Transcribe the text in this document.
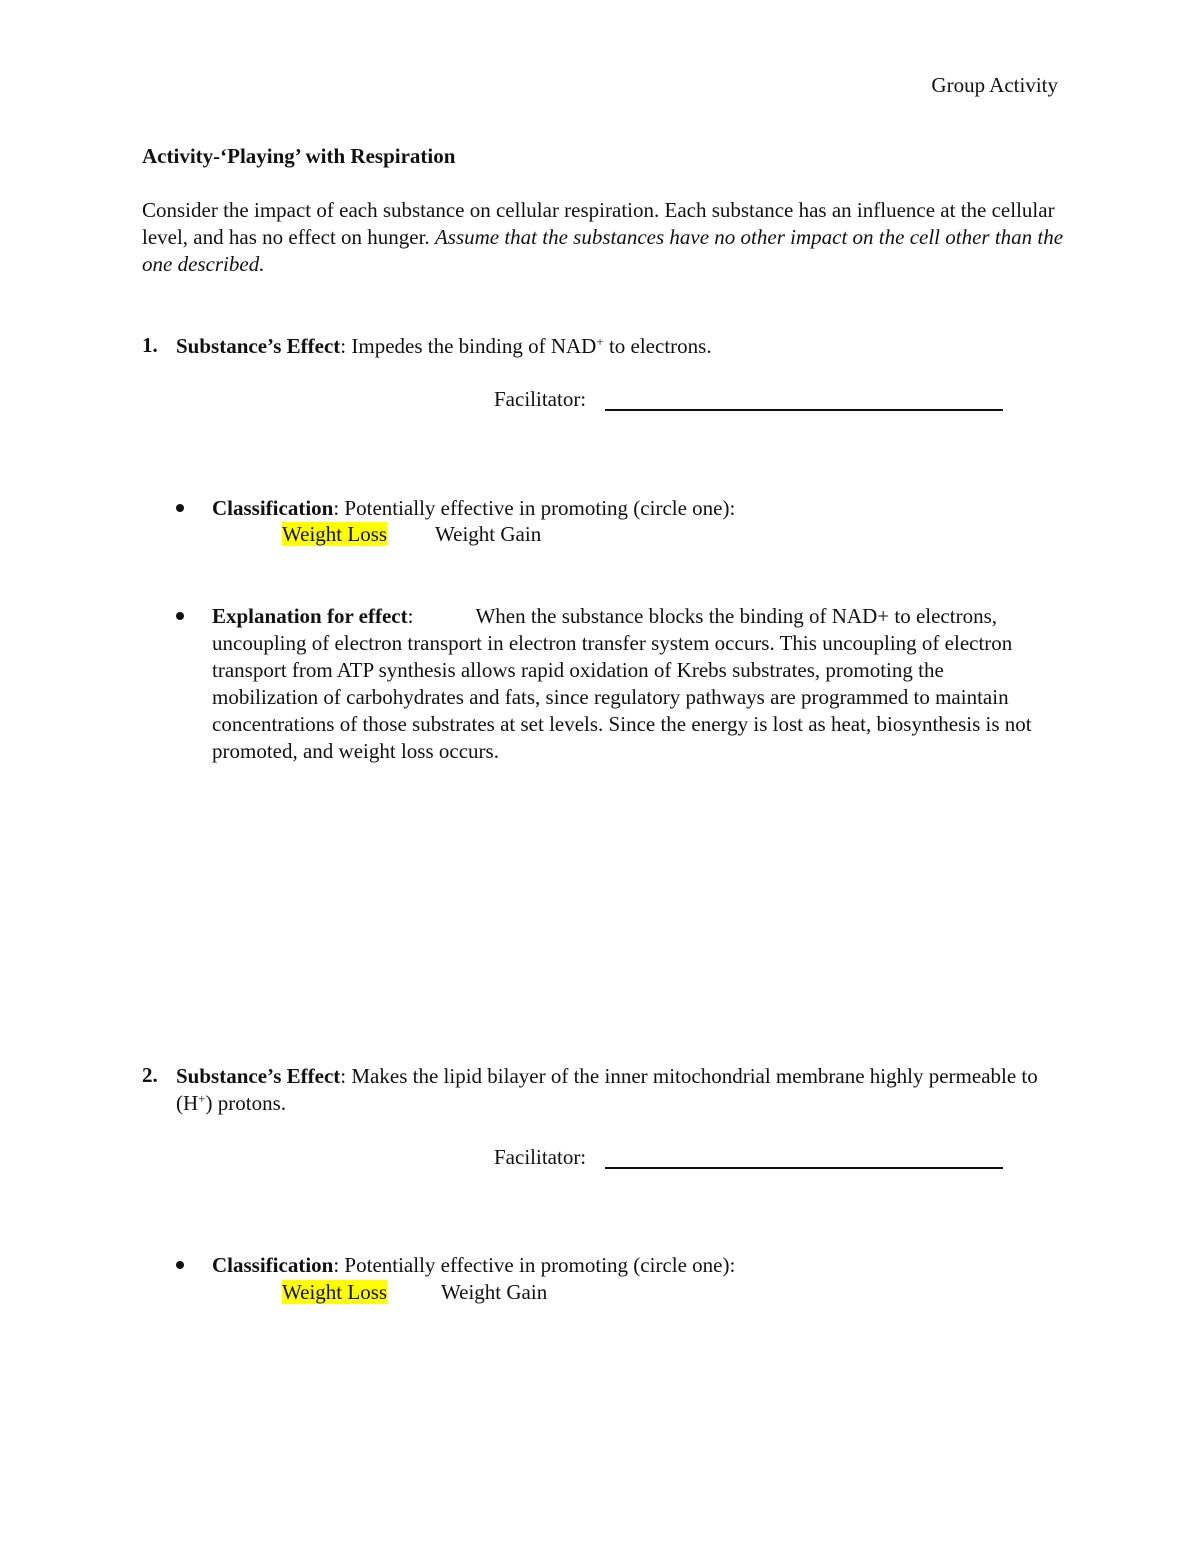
Group Activity
Activity-‘Playing’ with Respiration
Consider the impact of each substance on cellular respiration. Each substance has an influence at the cellular level, and has no effect on hunger. Assume that the substances have no other impact on the cell other than the one described.
1. Substance’s Effect: Impedes the binding of NAD+ to electrons.
Facilitator:
Classification: Potentially effective in promoting (circle one):
Weight Loss Weight Gain
Explanation for effect:	When the substance blocks the binding of NAD+ to electrons, uncoupling of electron transport in electron transfer system occurs. This uncoupling of electron transport from ATP synthesis allows rapid oxidation of Krebs substrates, promoting the mobilization of carbohydrates and fats, since regulatory pathways are programmed to maintain concentrations of those substrates at set levels. Since the energy is lost as heat, biosynthesis is not promoted, and weight loss occurs.
2. Substance’s Effect: Makes the lipid bilayer of the inner mitochondrial membrane highly permeable to (H+) protons.
Facilitator:
Classification: Potentially effective in promoting (circle one):
Weight Loss	Weight Gain
